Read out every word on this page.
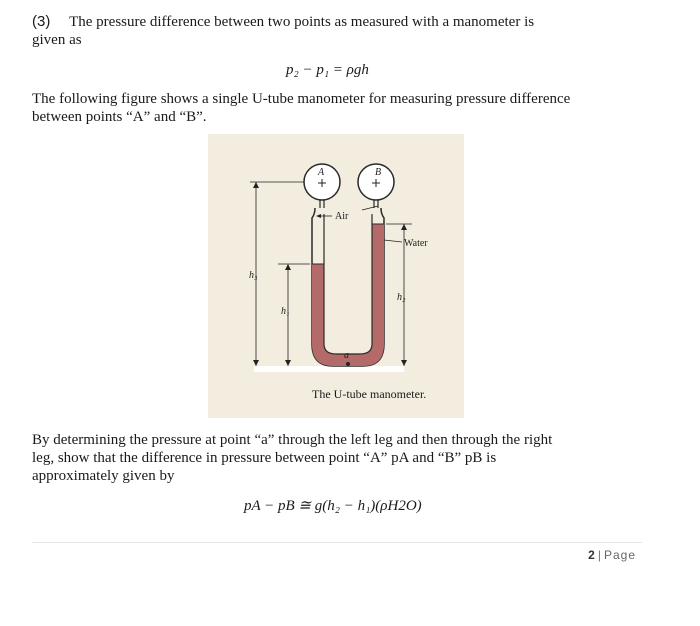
(3) The pressure difference between two points as measured with a manometer is
given as
p₂ − p₁ = ρgh
The following figure shows a single U-tube manometer for measuring pressure difference
between points “A” and “B”.
A	B
Air
Water
h₃
h₁
h₂
a
The U-tube manometer.
By determining the pressure at point “a” through the left leg and then through the right
leg, show that the difference in pressure between point “A” pA and “B” pB is
approximately given by
pA − pB ≅ g(h₂ − h₁)(ρH2O)
2 | Page
